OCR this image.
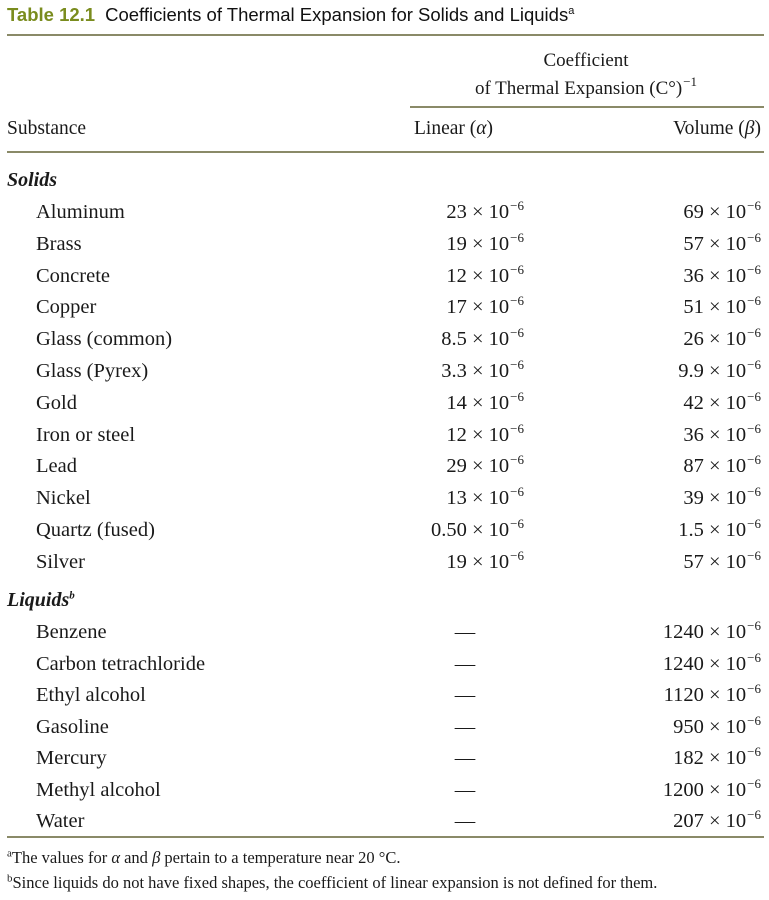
Table 12.1 Coefficients of Thermal Expansion for Solids and Liquids$^a$
Coefficient
of Thermal Expansion $(C^\circ)^{-1}$
Substance	Linear (α)	Volume (β)
Solids
Aluminum	$23 \times 10^{-6}$	$69 \times 10^{-6}$
Brass	$19 \times 10^{-6}$	$57 \times 10^{-6}$
Concrete	$12 \times 10^{-6}$	$36 \times 10^{-6}$
Copper	$17 \times 10^{-6}$	$51 \times 10^{-6}$
Glass (common)	$8.5 \times 10^{-6}$	$26 \times 10^{-6}$
Glass (Pyrex)	$3.3 \times 10^{-6}$	$9.9 \times 10^{-6}$
Gold	$14 \times 10^{-6}$	$42 \times 10^{-6}$
Iron or steel	$12 \times 10^{-6}$	$36 \times 10^{-6}$
Lead	$29 \times 10^{-6}$	$87 \times 10^{-6}$
Nickel	$13 \times 10^{-6}$	$39 \times 10^{-6}$
Quartz (fused)	$0.50 \times 10^{-6}$	$1.5 \times 10^{-6}$
Silver	$19 \times 10^{-6}$	$57 \times 10^{-6}$
Liquids$^b$
Benzene	—	$1240 \times 10^{-6}$
Carbon tetrachloride	—	$1240 \times 10^{-6}$
Ethyl alcohol	—	$1120 \times 10^{-6}$
Gasoline	—	$950 \times 10^{-6}$
Mercury	—	$182 \times 10^{-6}$
Methyl alcohol	—	$1200 \times 10^{-6}$
Water	—	$207 \times 10^{-6}$
$^a$The values for α and β pertain to a temperature near 20 °C.
$^b$Since liquids do not have fixed shapes, the coefficient of linear expansion is not defined for them.
